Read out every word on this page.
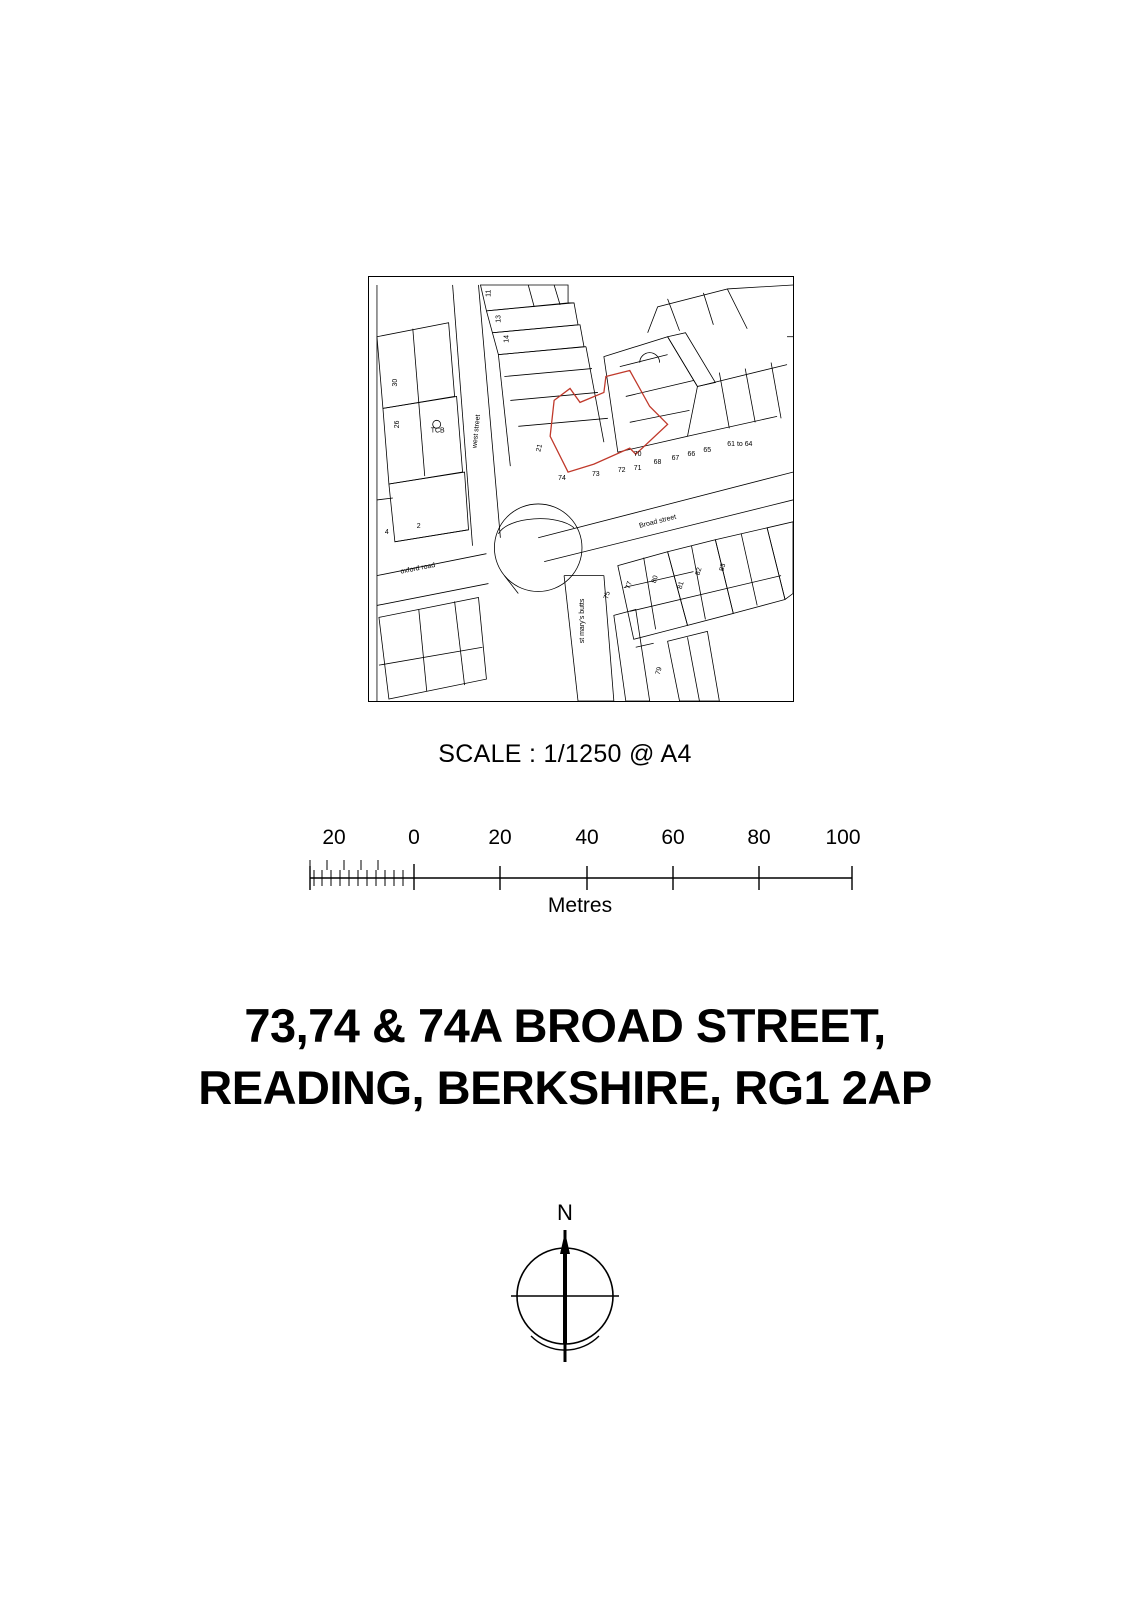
west street
oxford road
Broad street
st mary's butts
TCB
11
13
14
30
26
4
2
21
74
73
72 71
70
68
67
66
65
61 to 64
75
77
80
81
82 83
79
SCALE : 1/1250 @ A4
20	0	20	40	60	80	100
Metres
73,74 & 74A BROAD STREET,
READING, BERKSHIRE, RG1 2AP
N
